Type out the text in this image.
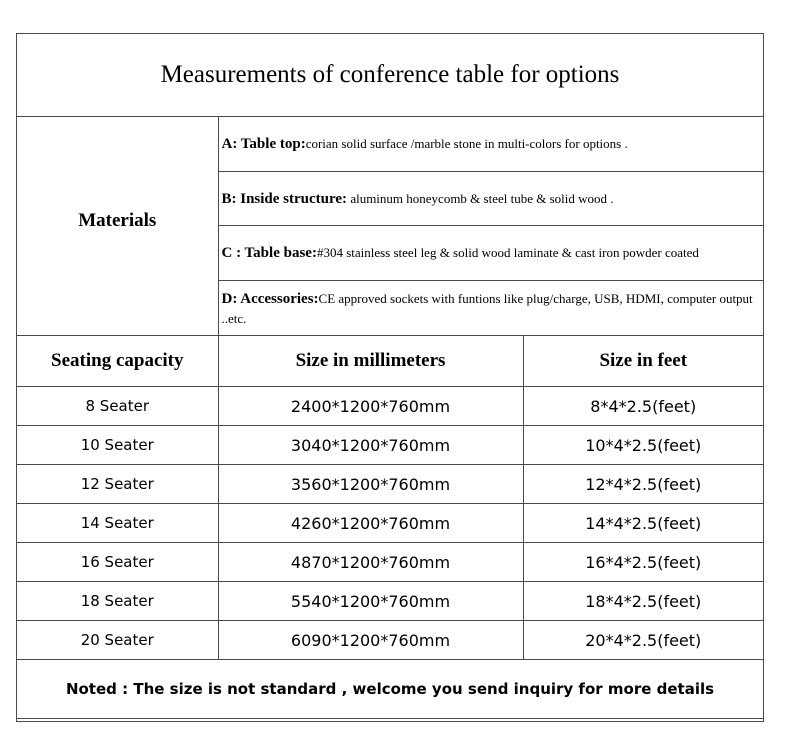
Measurements of conference table for options		
Materials	A: Table top:corian solid surface /marble stone in multi-colors for options .	
	B: Inside structure: aluminum honeycomb & steel tube & solid wood .	
	C : Table base:#304 stainless steel leg & solid wood laminate & cast iron powder coated	
	D: Accessories:CE approved sockets with funtions like plug/charge, USB, HDMI, computer output ..etc.	
Seating capacity	Size in millimeters	Size in feet
8 Seater	2400*1200*760mm	8*4*2.5(feet)
10 Seater	3040*1200*760mm	10*4*2.5(feet)
12 Seater	3560*1200*760mm	12*4*2.5(feet)
14 Seater	4260*1200*760mm	14*4*2.5(feet)
16 Seater	4870*1200*760mm	16*4*2.5(feet)
18 Seater	5540*1200*760mm	18*4*2.5(feet)
20 Seater	6090*1200*760mm	20*4*2.5(feet)
Noted : The size is not standard , welcome you send inquiry for more details		
